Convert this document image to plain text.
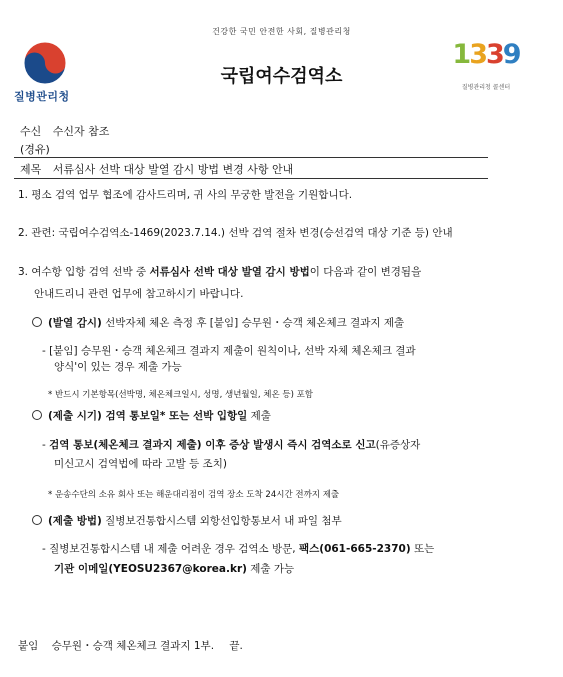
건강한 국민 안전한 사회, 질병관리청
질병관리청
국립여수검역소
1339
질병관리청 콜센터
수신 수신자 참조
(경유)
제목 서류심사 선박 대상 발열 감시 방법 변경 사항 안내
1. 평소 검역 업무 협조에 감사드리며, 귀 사의 무궁한 발전을 기원합니다.
2. 관련: 국립여수검역소-1469(2023.7.14.) 선박 검역 절차 변경(승선검역 대상 기준 등) 안내
3. 여수항 입항 검역 선박 중 서류심사 선박 대상 발열 감시 방법이 다음과 같이 변경됨을
안내드리니 관련 업무에 참고하시기 바랍니다.
(발열 감시) 선박자체 체온 측정 후 [붙임] 승무원・승객 체온체크 결과지 제출
- [붙임] 승무원・승객 체온체크 결과지 제출이 원칙이나, 선박 자체 체온체크 결과
양식'이 있는 경우 제출 가능
* 반드시 기본항목(선박명, 체온체크일시, 성명, 생년월일, 체온 등) 포함
(제출 시기) 검역 통보일* 또는 선박 입항일 제출
- 검역 통보(체온체크 결과지 제출) 이후 증상 발생시 즉시 검역소로 신고(유증상자
미신고시 검역법에 따라 고발 등 조치)
* 운송수단의 소유 회사 또는 해운대리점이 검역 장소 도착 24시간 전까지 제출
(제출 방법) 질병보건통합시스템 외항선입항통보서 내 파일 첨부
- 질병보건통합시스템 내 제출 어려운 경우 검역소 방문, 팩스(061-665-2370) 또는
기관 이메일(YEOSU2367@korea.kr) 제출 가능
붙임 승무원・승객 체온체크 결과지 1부. 끝.
